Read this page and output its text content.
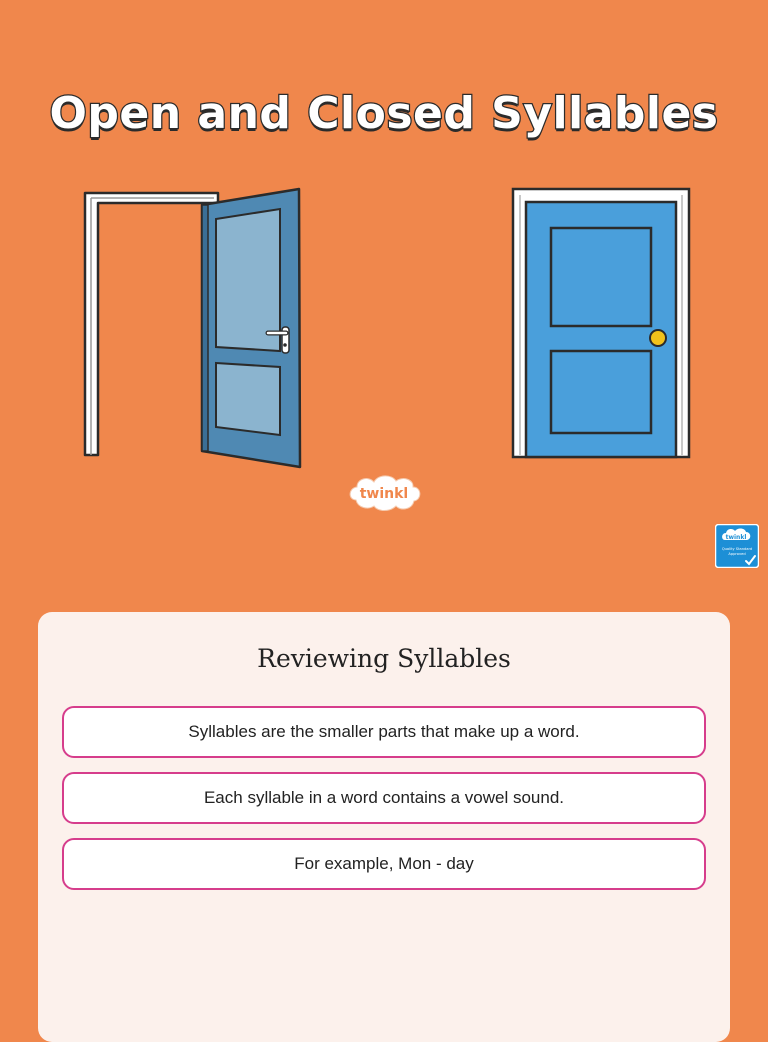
Open and Closed Syllables
twinkl
twinkl
Quality Standard
Approved
Reviewing Syllables
Syllables are the smaller parts that make up a word.
Each syllable in a word contains a vowel sound.
For example, Mon - day
